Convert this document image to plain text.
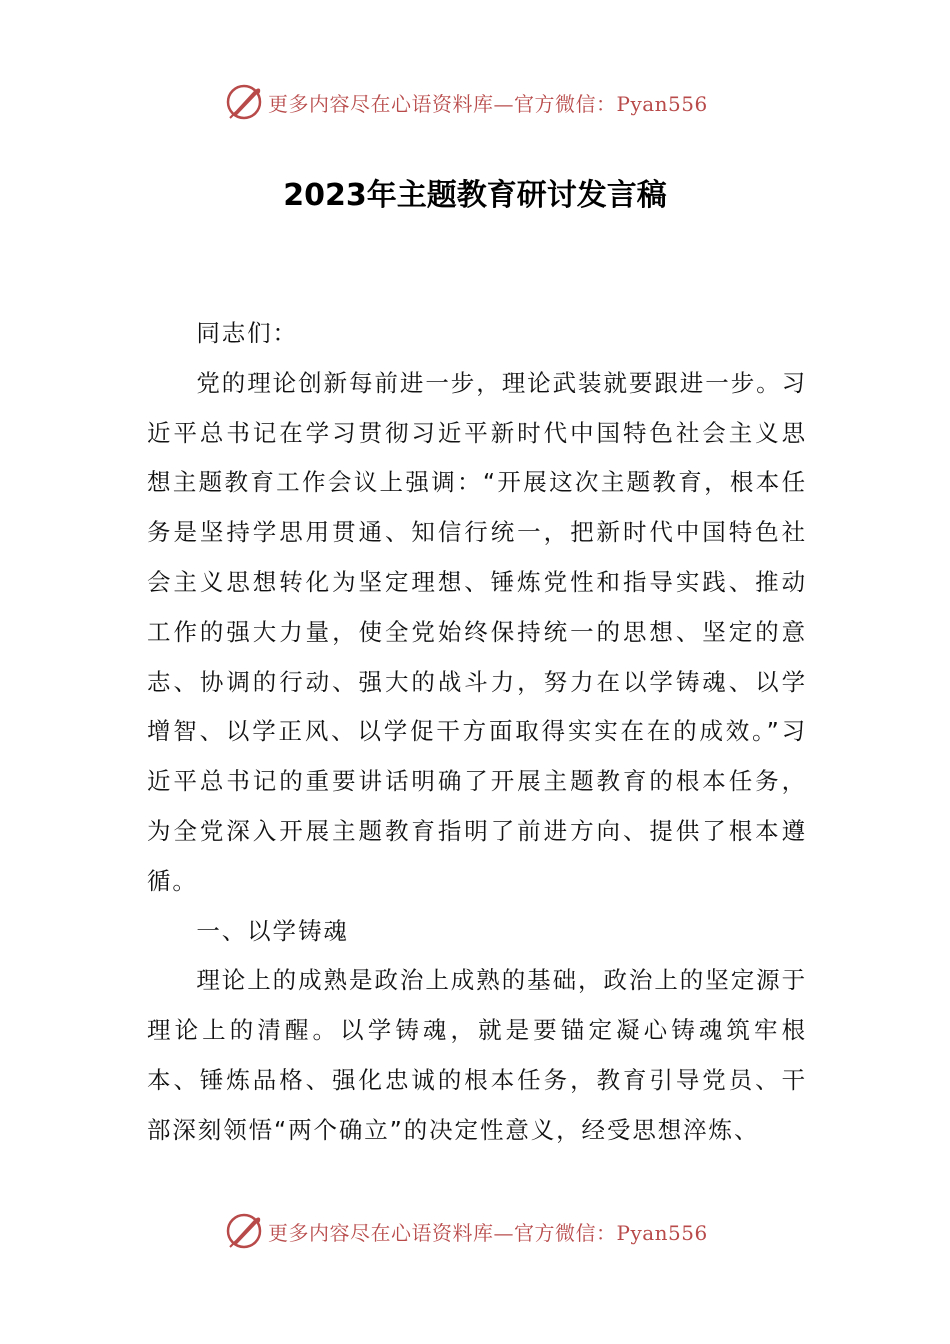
更多内容尽在心语资料库—官方微信：Pyan556
2023年主题教育研讨发言稿

同志们：

党的理论创新每前进一步，理论武装就要跟进一步。习近平总书记在学习贯彻习近平新时代中国特色社会主义思想主题教育工作会议上强调：“开展这次主题教育，根本任务是坚持学思用贯通、知信行统一，把新时代中国特色社会主义思想转化为坚定理想、锤炼党性和指导实践、推动工作的强大力量，使全党始终保持统一的思想、坚定的意志、协调的行动、强大的战斗力，努力在以学铸魂、以学增智、以学正风、以学促干方面取得实实在在的成效。”习近平总书记的重要讲话明确了开展主题教育的根本任务，为全党深入开展主题教育指明了前进方向、提供了根本遵循。

一、以学铸魂

理论上的成熟是政治上成熟的基础，政治上的坚定源于理论上的清醒。以学铸魂，就是要锚定凝心铸魂筑牢根本、锤炼品格、强化忠诚的根本任务，教育引导党员、干部深刻领悟“两个确立”的决定性意义，经受思想淬炼、

更多内容尽在心语资料库—官方微信：Pyan556
